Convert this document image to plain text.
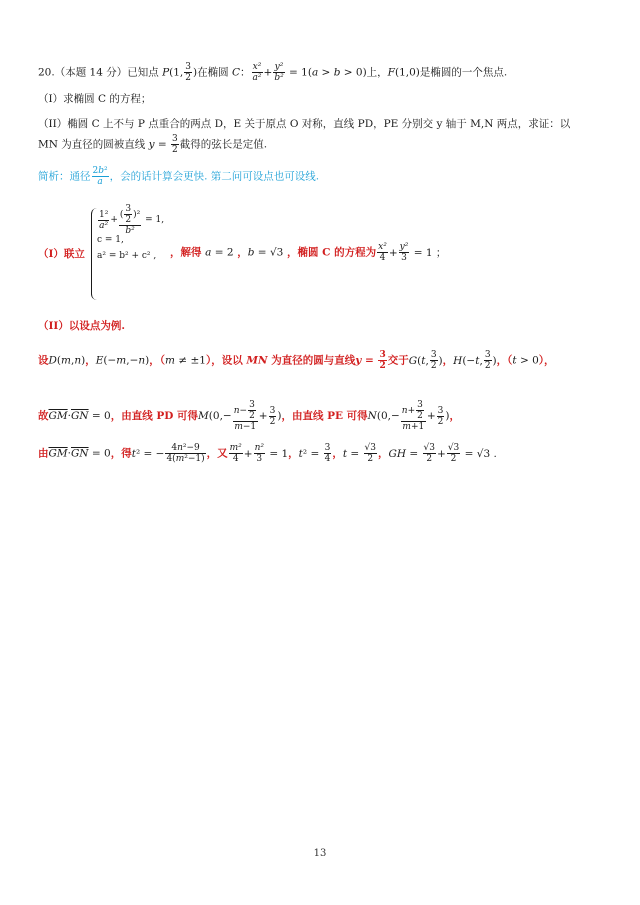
20.（本题 14 分）已知点 P(1, $\frac{3}{2}$ )在椭圆 C： $\frac{\text{x²}}{\text{a²}} + \frac{\text{y²}}{\text{b²}} = 1(a > b > 0)$上，F(1,0)是椭圆的一个焦点.
（I）求椭圆 C 的方程；
（II）椭圆 C 上不与 P 点重合的两点 D，E 关于原点 O 对称，直线 PD，PE 分别交 y 轴于 M,N 两点，求证：以
MN 为直径的圆被直线 $y = \frac{3}{2}$ 截得的弦长是定值.
简析：通径 $\frac{\text{2b²}}{a}$ ，会的话计算会更快. 第二问可设点也可设线.
$\frac{\text{1²}}{\text{a²}} + \frac{( \frac{3}{2} )^2}{\text{b²}}$
= 1,
c = 1,
a² = b² + c² ,
（I）联立	，解得 a = 2 ，b = √3 ，椭圆 C 的方程为 $\frac{\text{x²}}{4} + \frac{\text{y²}}{3} = 1$ ；
（II）以设点为例.
设D(m,n)，E(−m,−n)，（m ≠ ±1），设以 MN 为直径的圆与直线$y = \frac{3}{2}$ 交于G(t, $\frac{3}{2}$ )，H(−t, $\frac{3}{2}$ )，（t > 0），
故$\overline{GM}\cdot\overline{GN} = 0$，由直线 PD 可得$M(0,- \frac{n- \frac{3}{2}}{m-1} + \frac{3}{2}$ )，由直线 PE 可得$N(0,- \frac{n+ \frac{3}{2}}{m+1} + \frac{3}{2}$ )，
由$\overline{GM}\cdot\overline{GN} = 0$，得t² = − $\frac{\text{4n²−9}}{\text{4(m²−1)}}$ ，又 $\frac{\text{m²}}{4} + \frac{\text{n²}}{3} = 1$，$t^2 = \frac{3}{4}$ ，$t = \frac{√3}{2}$ ，GH = $\frac{√3}{2} + \frac{√3}{2} = √3$ .
13
